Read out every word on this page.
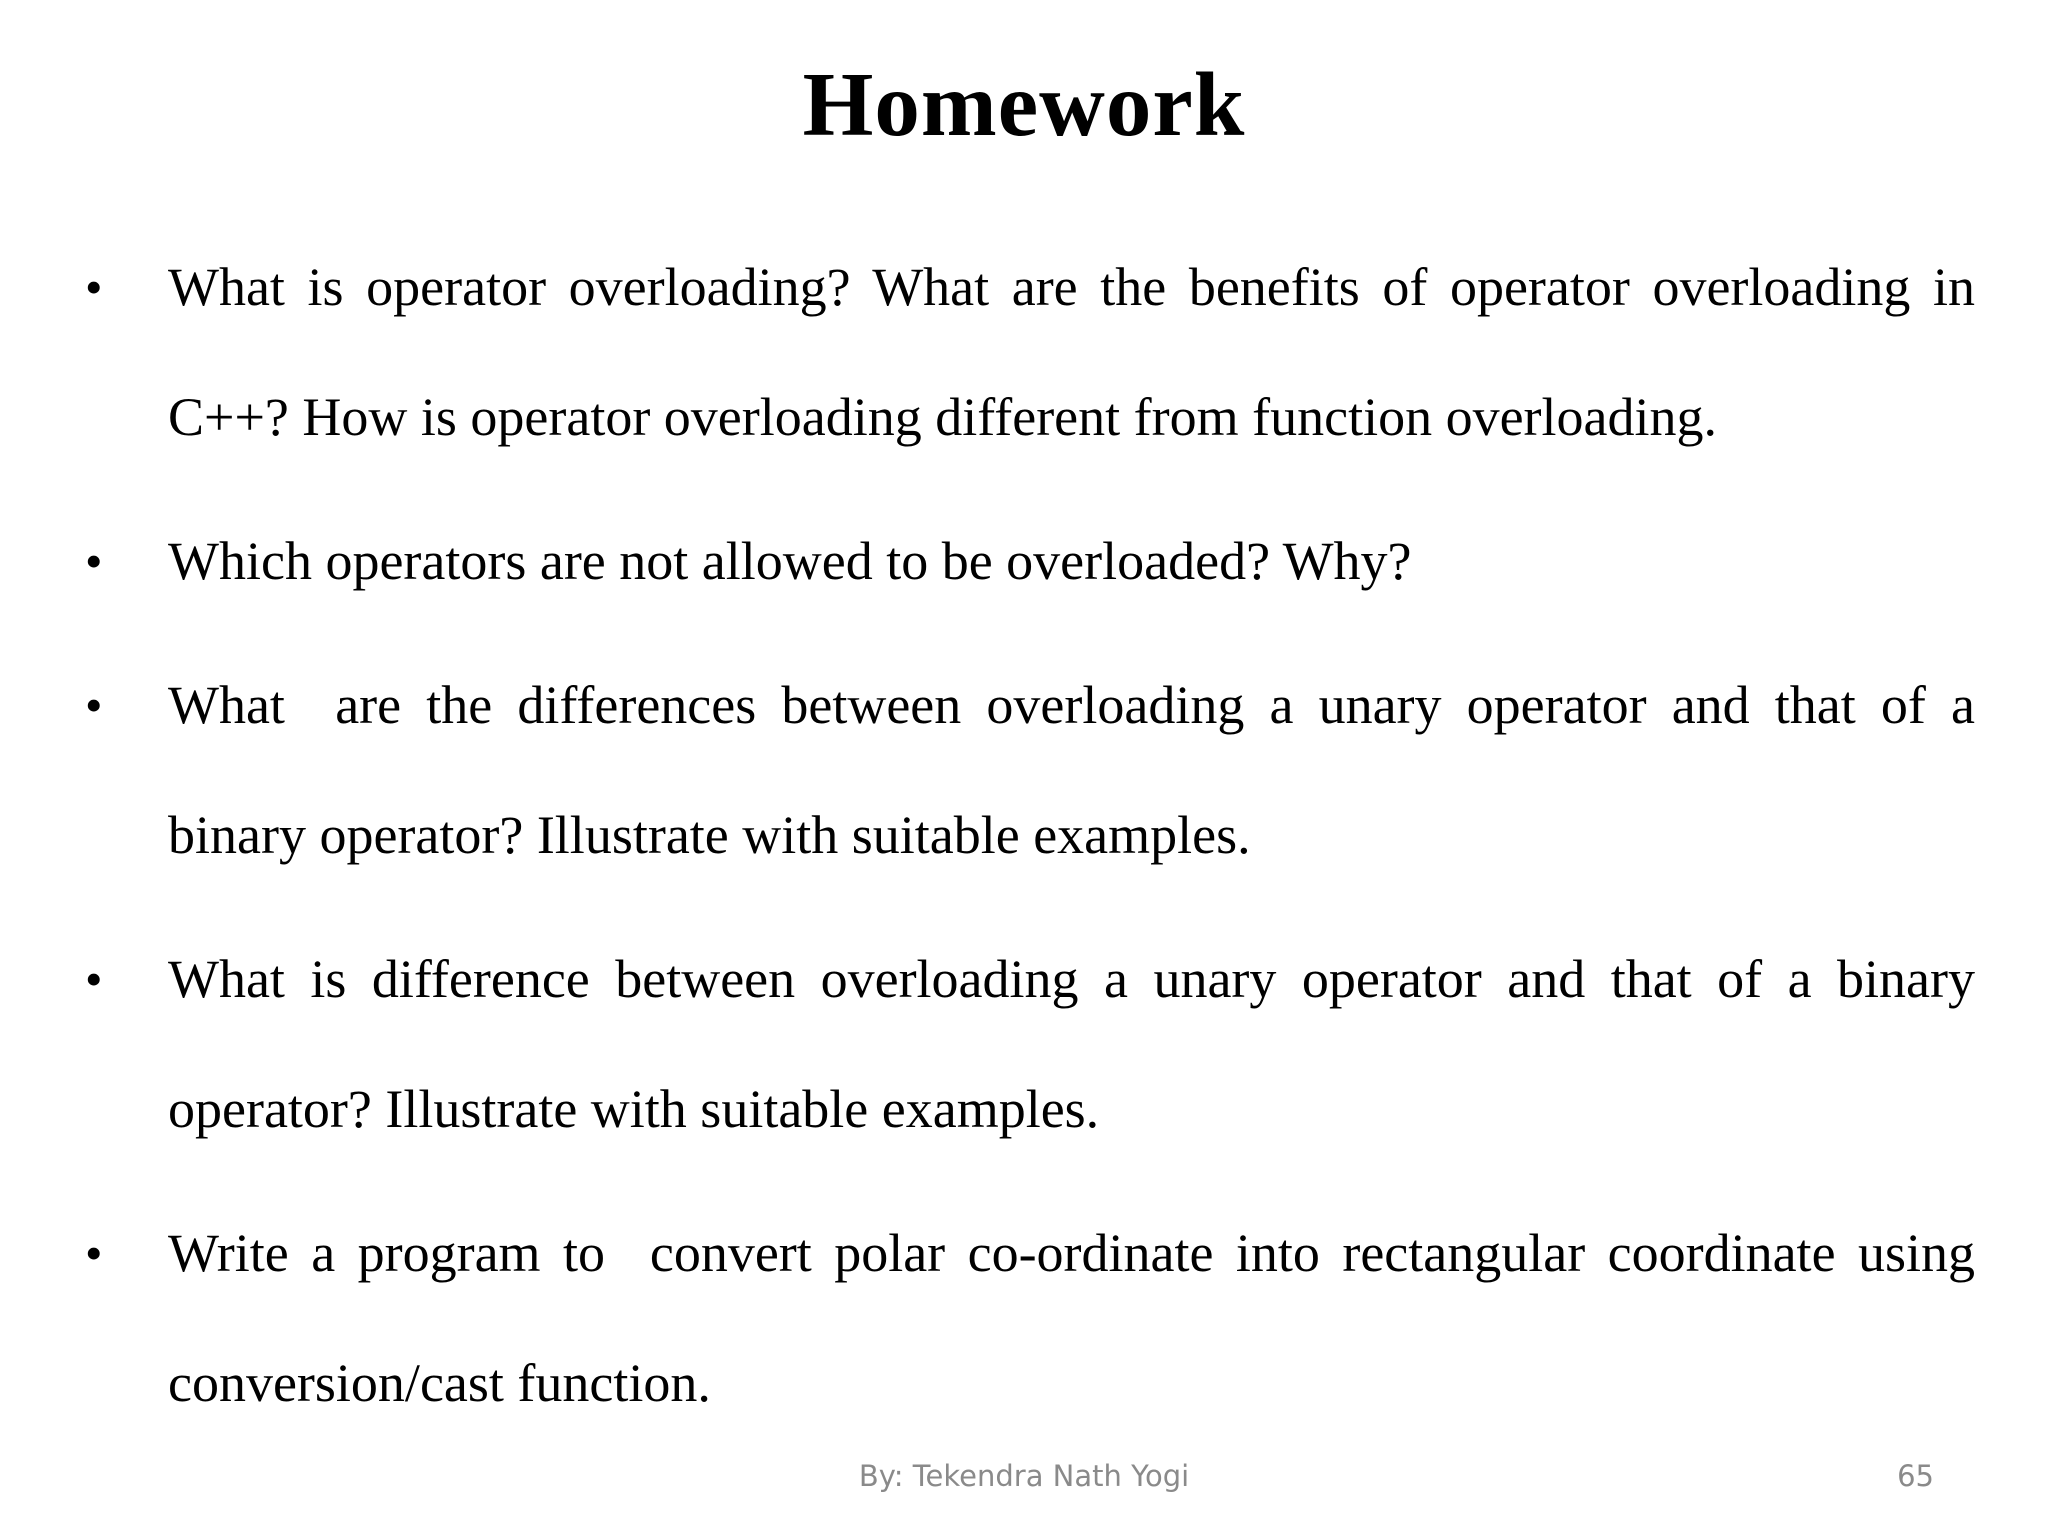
Homework
• What is operator overloading? What are the benefits of operator overloading in C++? How is operator overloading different from function overloading.
• Which operators are not allowed to be overloaded? Why?
• What  are the differences between overloading a unary operator and that of a binary operator? Illustrate with suitable examples.
• What is difference between overloading a unary operator and that of a binary operator? Illustrate with suitable examples.
• Write a program to  convert polar co-ordinate into rectangular coordinate using conversion/cast function.
By: Tekendra Nath Yogi	65
